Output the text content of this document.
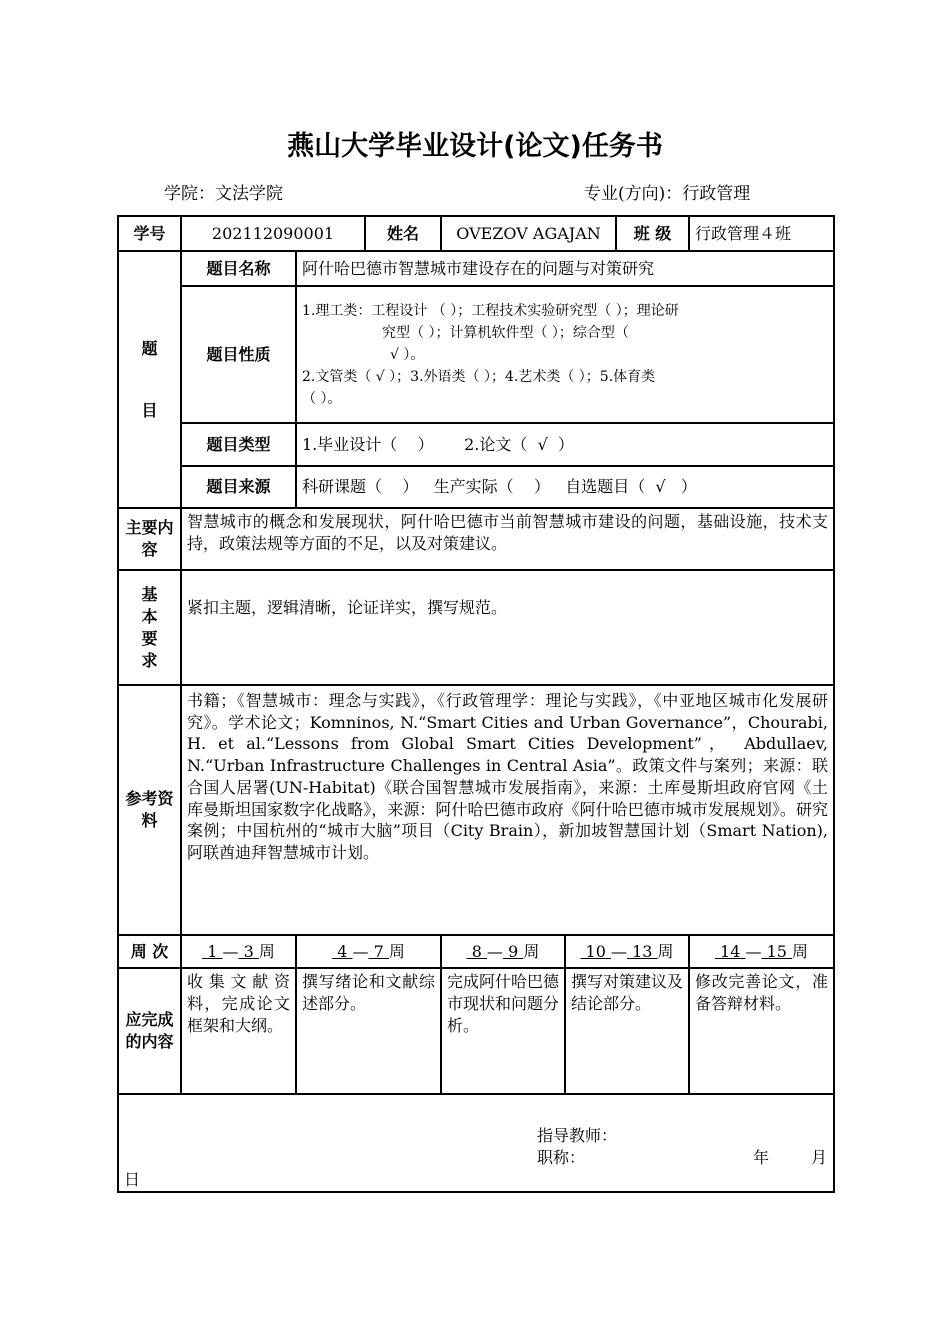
燕山大学毕业设计(论文)任务书
学院：文法学院	专业(方向)：行政管理
学号	202112090001		姓名	OVEZOV AGAJAN		班 级	行政管理４班

题
目	题目名称	阿什哈巴德市智慧城市建设存在的问题与对策研究					
	题目性质	1.理工类：工程设计 （ ）；工程技术实验研究型（ ）；理论研
究型（ ）；计算机软件型（ ）；综合型（
√ ）。
2.文管类（ √ ）；3.外语类（ ）；4.艺术类（ ）；5.体育类
（ ）。					

	题目类型	1.毕业设计（    ）      2.论文（  √  ）					
	题目来源	科研课题（    ）   生产实际（    ）   自选题目（  √   ）					
主要内容	智慧城市的概念和发展现状，阿什哈巴德市当前智慧城市建设的问题，基础设施，技术支持，政策法规等方面的不足，以及对策建议。						

基
本
要
求	紧扣主题，逻辑清晰，论证详实，撰写规范。						
参考资料	书籍；《智慧城市：理念与实践》，《行政管理学：理论与实践》，《中亚地区城市化发展研究》。学术论文；Komninos, N.“Smart Cities and Urban Governance”，Chourabi, H. et al.“Lessons from Global Smart Cities Development”， Abdullaev, N.“Urban Infrastructure Challenges in Central Asia”。政策文件与案列；来源：联合国人居署(UN-Habitat)《联合国智慧城市发展指南》，来源：土库曼斯坦政府官网《土库曼斯坦国家数字化战略》，来源：阿什哈巴德市政府《阿什哈巴德市城市发展规划》。研究案例；中国杭州的“城市大脑”项目（City Brain），新加坡智慧国计划（Smart Nation),阿联酋迪拜智慧城市计划。						
周 次	1 — 3 周	4 — 7 周		8 — 9 周	10 — 13 周		14 — 15 周
应完成的内容	收集文献资料，完成论文框架和大纲。	撰写绪论和文献综述部分。		完成阿什哈巴德市现状和问题分析。	撰写对策建议及结论部分。		修改完善论文，准备答辩材料。

指导教师：
职称： 年 月
日							
